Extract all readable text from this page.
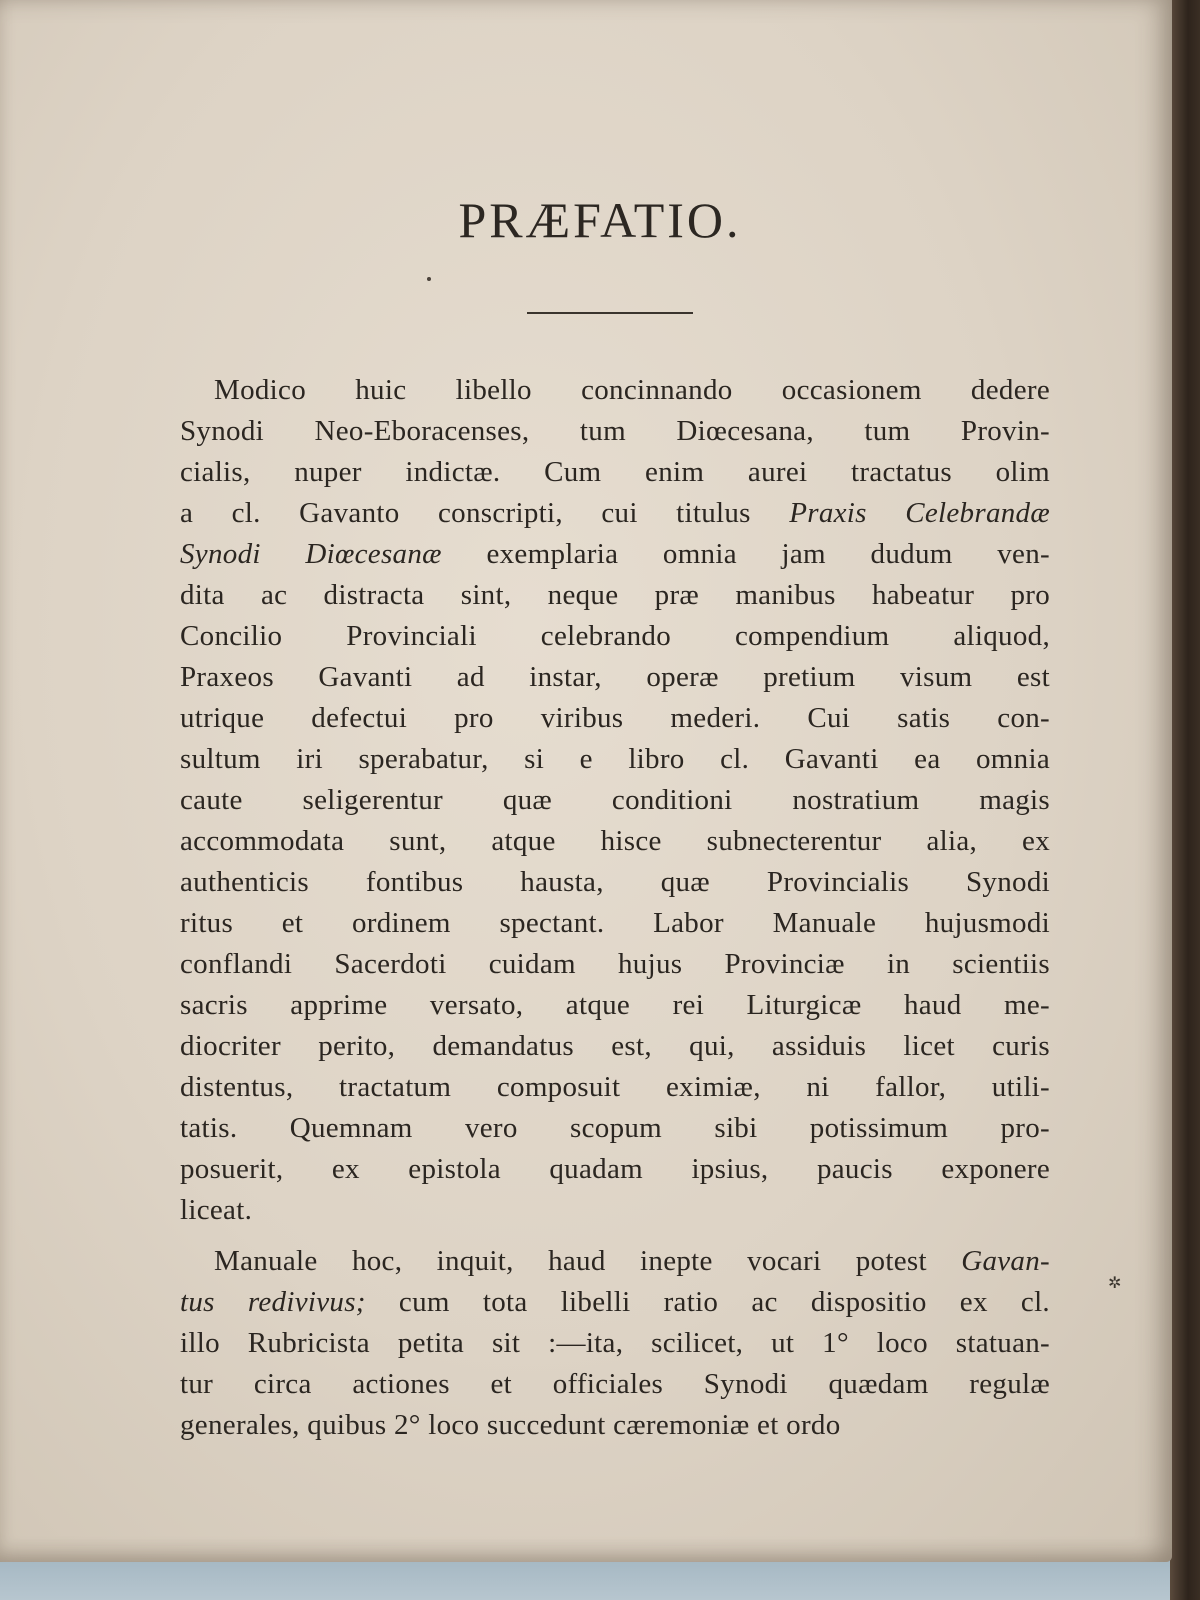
PRÆFATIO.
✲
Modico huic libello concinnando occasionem dedere
Synodi Neo-Eboracenses, tum Diœcesana, tum Provin-
cialis, nuper indictæ. Cum enim aurei tractatus olim
a cl. Gavanto conscripti, cui titulus Praxis Celebrandæ
Synodi Diœcesanæ exemplaria omnia jam dudum ven-
dita ac distracta sint, neque præ manibus habeatur pro
Concilio Provinciali celebrando compendium aliquod,
Praxeos Gavanti ad instar, operæ pretium visum est
utrique defectui pro viribus mederi. Cui satis con-
sultum iri sperabatur, si e libro cl. Gavanti ea omnia
caute seligerentur quæ conditioni nostratium magis
accommodata sunt, atque hisce subnecterentur alia, ex
authenticis fontibus hausta, quæ Provincialis Synodi
ritus et ordinem spectant. Labor Manuale hujusmodi
conflandi Sacerdoti cuidam hujus Provinciæ in scientiis
sacris apprime versato, atque rei Liturgicæ haud me-
diocriter perito, demandatus est, qui, assiduis licet curis
distentus, tractatum composuit eximiæ, ni fallor, utili-
tatis. Quemnam vero scopum sibi potissimum pro-
posuerit, ex epistola quadam ipsius, paucis exponere
liceat.
Manuale hoc, inquit, haud inepte vocari potest Gavan-
tus redivivus; cum tota libelli ratio ac dispositio ex cl.
illo Rubricista petita sit :—ita, scilicet, ut 1° loco statuan-
tur circa actiones et officiales Synodi quædam regulæ
generales, quibus 2° loco succedunt cæremoniæ et ordo
